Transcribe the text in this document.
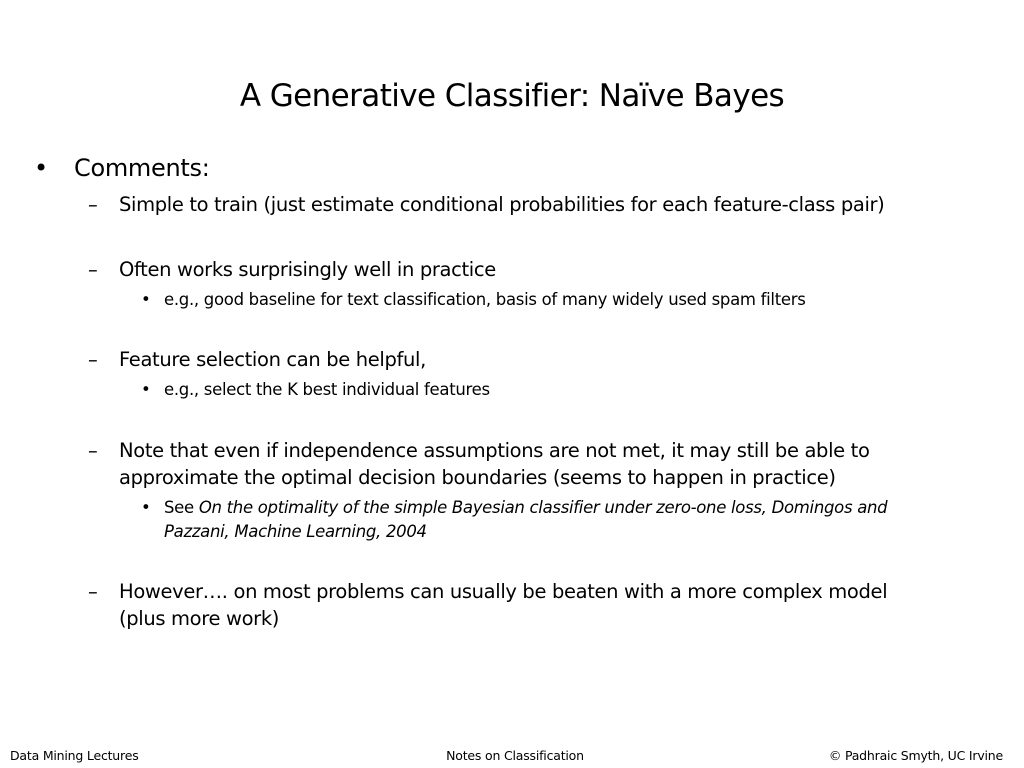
A Generative Classifier: Naïve Bayes
• Comments:
– Simple to train (just estimate conditional probabilities for each feature-class pair)
– Often works surprisingly well in practice
• e.g., good baseline for text classification, basis of many widely used spam filters
– Feature selection can be helpful,
• e.g., select the K best individual features
– Note that even if independence assumptions are not met, it may still be able to
approximate the optimal decision boundaries (seems to happen in practice)
• See On the optimality of the simple Bayesian classifier under zero-one loss, Domingos and
Pazzani, Machine Learning, 2004
– However…. on most problems can usually be beaten with a more complex model
(plus more work)
Data Mining Lectures	Notes on Classification	© Padhraic Smyth, UC Irvine
